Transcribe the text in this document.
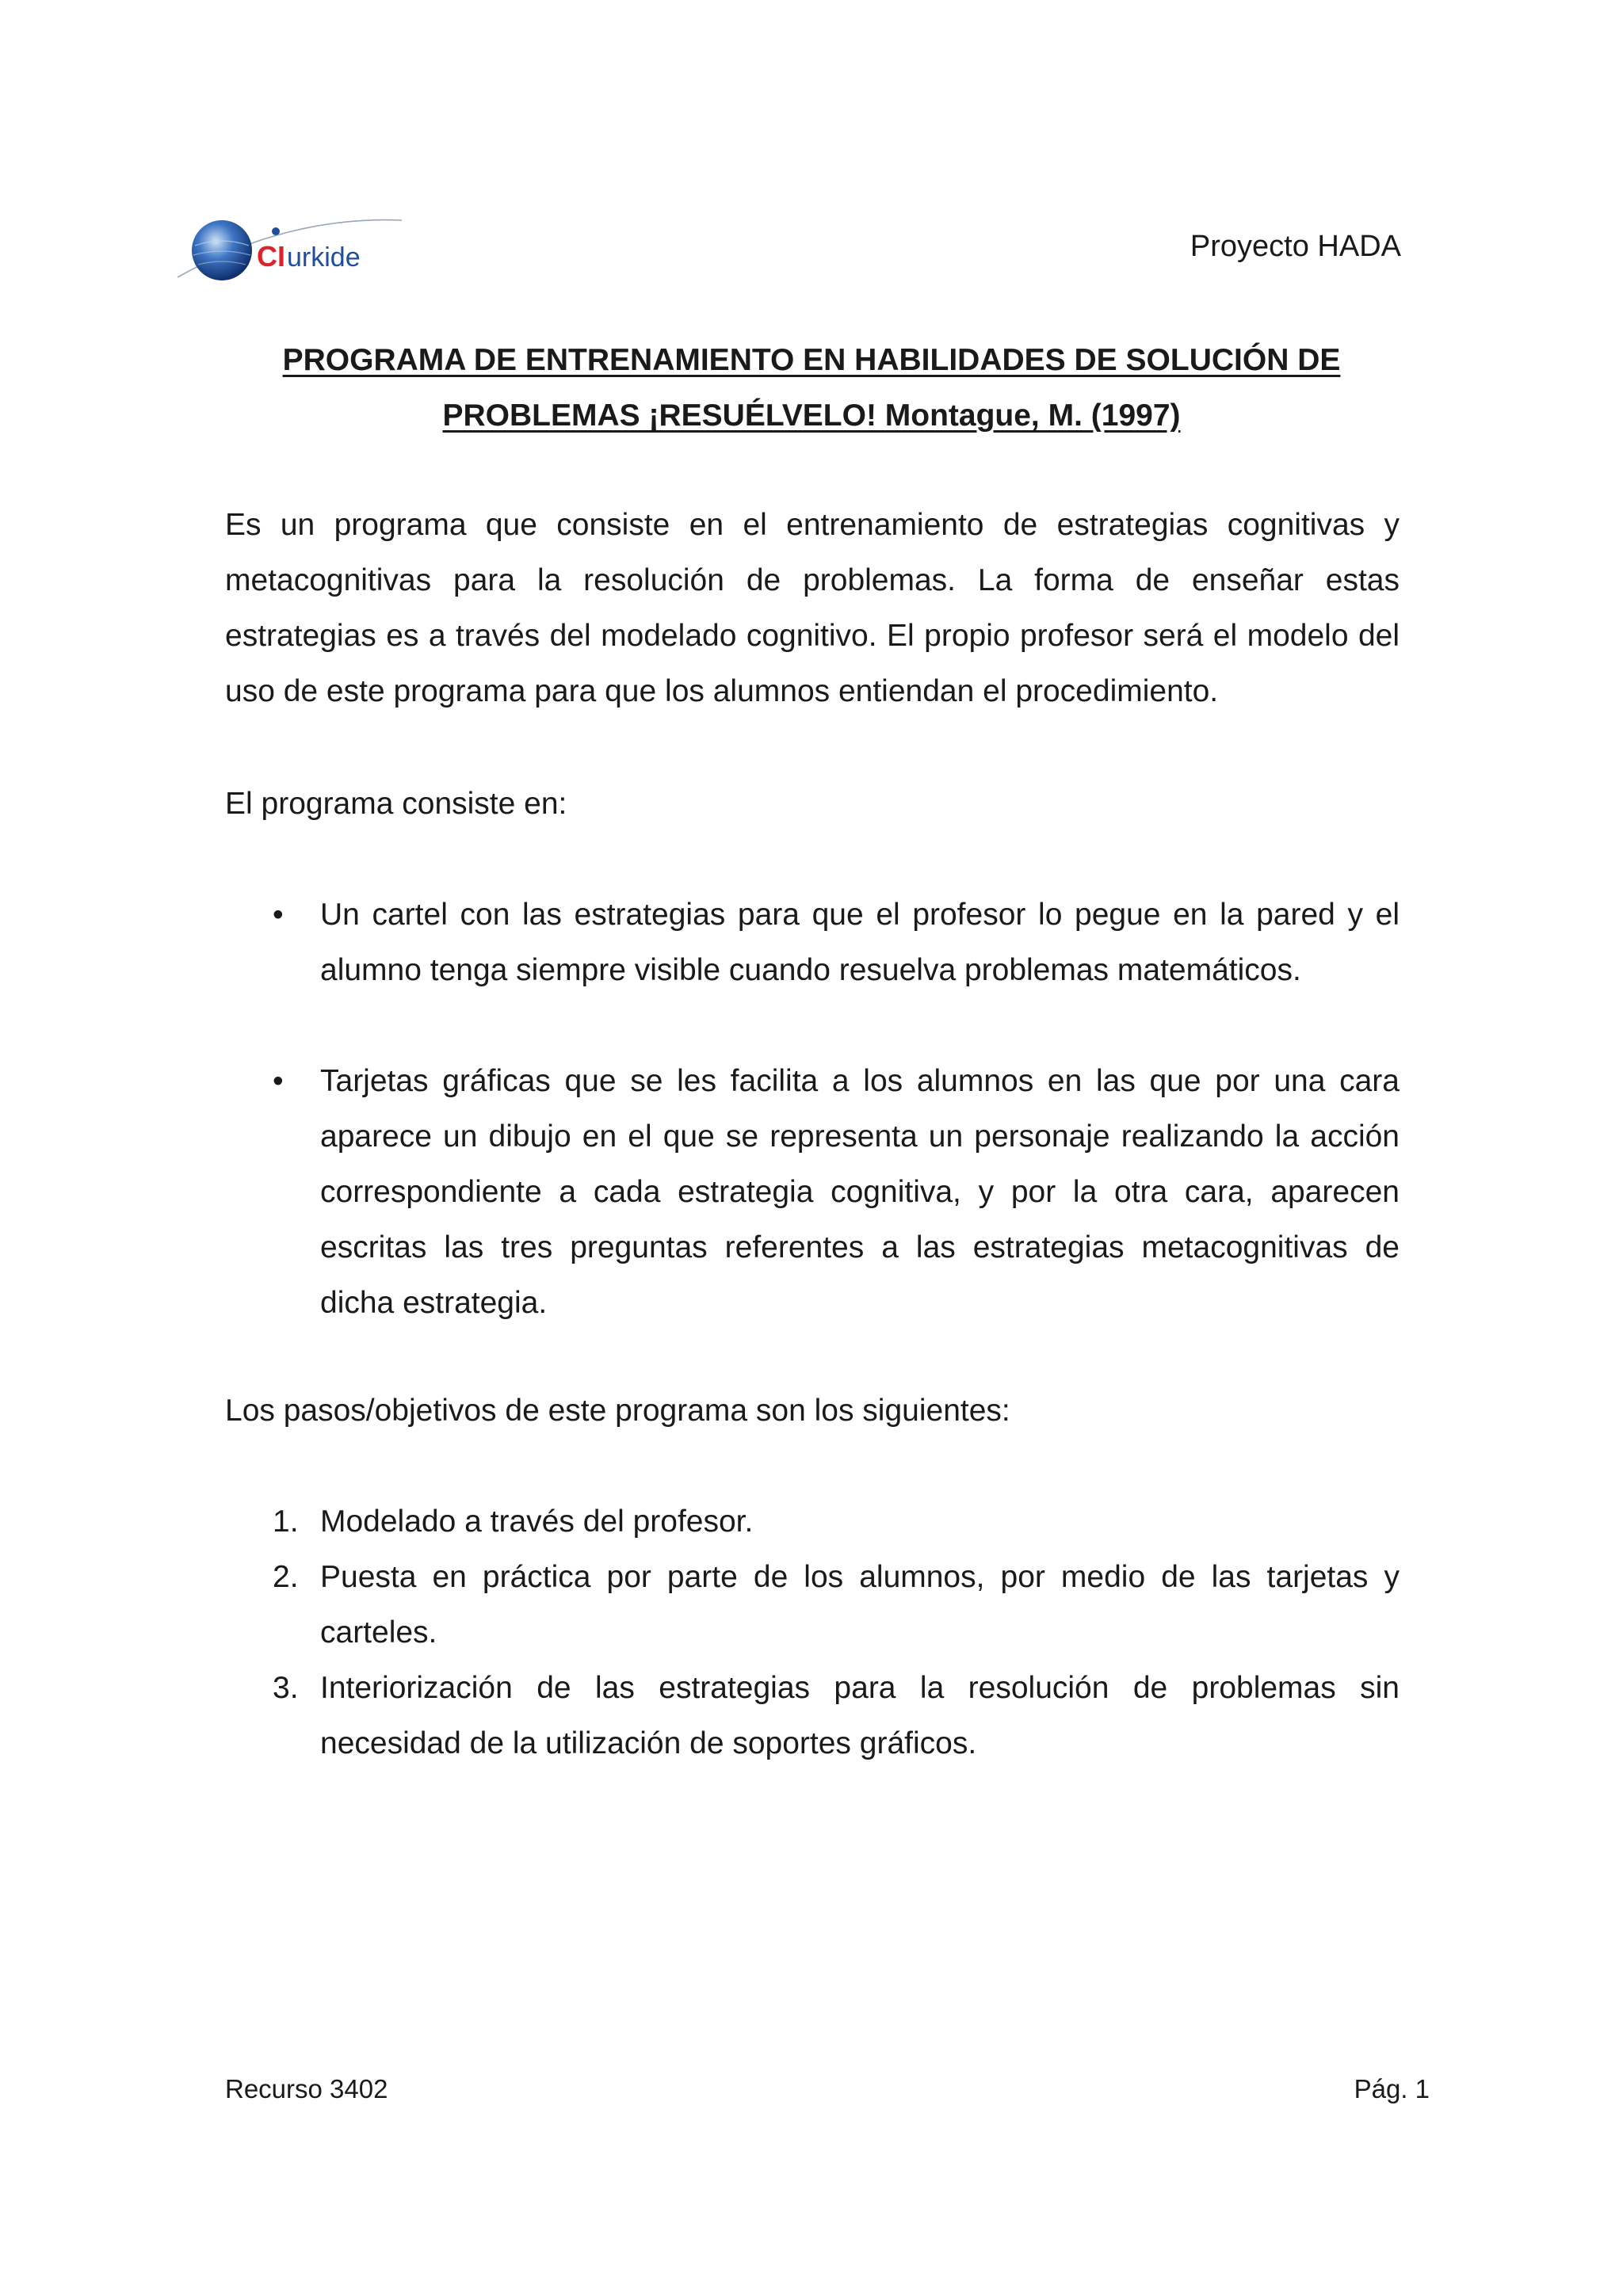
CI urkide	Proyecto HADA
PROGRAMA DE ENTRENAMIENTO EN HABILIDADES DE SOLUCIÓN DE
PROBLEMAS ¡RESUÉLVELO! Montague, M. (1997)
Es un programa que consiste en el entrenamiento de estrategias cognitivas y metacognitivas para la resolución de problemas. La forma de enseñar estas estrategias es a través del modelado cognitivo. El propio profesor será el modelo del uso de este programa para que los alumnos entiendan el procedimiento.
El programa consiste en:
• Un cartel con las estrategias para que el profesor lo pegue en la pared y el alumno tenga siempre visible cuando resuelva problemas matemáticos.
• Tarjetas gráficas que se les facilita a los alumnos en las que por una cara aparece un dibujo en el que se representa un personaje realizando la acción correspondiente a cada estrategia cognitiva, y por la otra cara, aparecen escritas las tres preguntas referentes a las estrategias metacognitivas de dicha estrategia.
Los pasos/objetivos de este programa son los siguientes:
1. Modelado a través del profesor.
2. Puesta en práctica por parte de los alumnos, por medio de las tarjetas y carteles.
3. Interiorización de las estrategias para la resolución de problemas sin necesidad de la utilización de soportes gráficos.
Recurso 3402	Pág. 1
